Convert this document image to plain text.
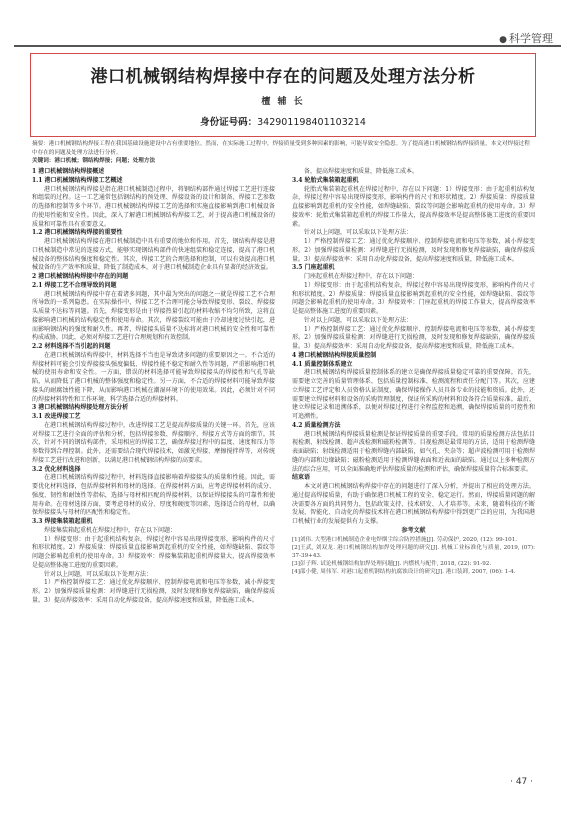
● 科学管理
港口机械钢结构焊接中存在的问题及处理方法分析
檀 辅 长
身份证号码：342901198401103214
摘要：港口机械钢结构焊接工程在我国基础设施建设中占有重要地位。然而，在实际施工过程中，焊接质量受到多种因素的影响，可能导致安全隐患。为了提高港口机械钢结构焊接质量，本文对焊接过程中存在的问题及处理方法进行分析。
关键词：港口机械；钢结构焊接；问题；处理方法

1 港口机械钢结构焊接概述

1.1 港口机械钢结构焊接工艺概述

港口机械钢结构焊接是指在港口机械制造过程中，将钢结构部件通过焊接工艺进行连接和组装的过程。这一工艺通常包括钢结构的预处理、焊接设备的设计和制备、焊接工艺参数的选择和控制等多个环节。港口机械钢结构焊接工艺的选择和实施直接影响到港口机械设备的使用性能和安全性。因此，深入了解港口机械钢结构焊接工艺，对于提高港口机械设备的质量和可靠性具有重要意义。

1.2 港口机械钢结构焊接的重要性

港口机械钢结构焊接在港口机械制造中具有重要的地位和作用。首先，钢结构焊接是港口机械制造中常见的连接方式，能够实现钢结构部件的快速组装和稳定连接，提高了港口机械设备的整体结构强度和稳定性。其次，焊接工艺的合理选择和控制，可以有效提高港口机械设备的生产效率和质量，降低了制造成本，对于港口机械制造企业具有显著的经济效益。

2 港口机械钢结构焊接中存在的问题

2.1 焊接工艺不合理导致的问题

港口机械钢结构焊接中存在着诸多问题，其中最为突出的问题之一就是焊接工艺不合理所导致的一系列隐患。在实际操作中，焊接工艺不合理可能会导致焊接变形、裂纹、焊接接头质量不达标等问题。首先，焊接变形是由于焊接热量引起的材料收缩不均匀所致，这将直接影响港口机械的结构稳定性和使用寿命。其次，焊接裂纹可能由于冷却速度过快引起，进而影响钢结构的强度和耐久性。再者，焊接接头质量不达标将对港口机械的安全性和可靠性构成威胁。因此，必须对焊接工艺进行合理规划和有效控制。

2.2 材料选择不当引起的问题

在港口机械钢结构焊接中，材料选择不当也是导致诸多问题的重要原因之一。不合适的焊接材料可能会引发焊接接头强度偏低、焊接性能不稳定和耐久性等问题，严重影响港口机械的使用寿命和安全性。一方面，错误的材料选择可能导致焊接接头的焊接性和气孔等缺陷，从而降低了港口机械的整体强度和稳定性。另一方面，不合适的焊接材料可能导致焊接接头的耐腐蚀性能下降，从而影响港口机械在潮湿环境下的使用效果。因此，必须针对不同的焊接材料特性和工作环境，科学选择合适的焊接材料。

3 港口机械钢结构焊接处理方法分析

3.1 改进焊接工艺

在港口机械钢结构焊接过程中，改进焊接工艺是提高焊接质量的关键一环。首先，应该对焊接工艺进行全面的评估和分析，包括焊接参数、焊接顺序、焊接方式等方面的细节。其次，针对不同的钢结构部件，采用相应的焊接工艺，确保焊接过程中的温度、速度和压力等参数得到合理控制。此外，还需要结合现代焊接技术，如激光焊接、摩擦搅拌焊等，对传统焊接工艺进行改进和创新，以满足港口机械钢结构焊接的高要求。

3.2 优化材料选择

在港口机械钢结构焊接过程中，材料选择直接影响着焊接接头的质量和性能。因此，需要优化材料选择，包括焊接材料和母材的选择。在焊接材料方面，应考虑焊接材料的成分、强度、韧性和耐蚀性等指标，选择与母材相匹配的焊接材料，以保证焊接接头的可靠性和使用寿命。在母材选择方面，要考虑母材的成分、厚度和硬度等因素，选择适合的母材，以确保焊接接头与母材的匹配性和稳定性。

3.3 焊接集装箱起重机

焊接集装箱起重机在焊接过程中，存在以下问题：

1）焊接变形：由于起重机结构复杂，焊接过程中容易出现焊接变形，影响构件的尺寸和形状精度。2）焊接质量：焊接质量直接影响到起重机的安全性能，如焊缝缺陷、裂纹等问题会影响起重机的使用寿命。3）焊接效率：焊接集装箱起重机焊接量大，提高焊接效率是提高整体施工进度的重要因素。

针对以上问题，可以采取以下处理方法：

1）严格控制焊接工艺：通过优化焊接顺序、控制焊接电流和电压等参数，减小焊接变形。2）加强焊接质量检测：对焊缝进行无损检测，及时发现和修复焊接缺陷，确保焊接质量。3）提高焊接效率：采用自动化焊接设备，提高焊接速度和质量，降低施工成本。

备，提高焊接速度和质量，降低施工成本。

3.4 轮胎式集装箱起重机

轮胎式集装箱起重机在焊接过程中，存在以下问题：1）焊接变形：由于起重机结构复杂，焊接过程中容易出现焊接变形，影响构件的尺寸和形状精度。2）焊接质量：焊接质量直接影响到起重机的安全性能，如焊缝缺陷、裂纹等问题会影响起重机的使用寿命。3）焊接效率：轮胎式集装箱起重机的焊接工作量大，提高焊接效率是提高整体施工进度的重要因素。

针对以上问题，可以采取以下处理方法：

1）严格控制焊接工艺：通过优化焊接顺序、控制焊接电流和电压等参数，减小焊接变形。2）加强焊接质量检测：对焊缝进行无损检测，及时发现和修复焊接缺陷，确保焊接质量。3）提高焊接效率：采用自动化焊接设备，提高焊接速度和质量，降低施工成本。

3.5 门座起重机

门座起重机在焊接过程中，存在以下问题：

1）焊接变形：由于起重机结构复杂，焊接过程中容易出现焊接变形，影响构件的尺寸和形状精度。2）焊接质量：焊接质量直接影响到起重机的安全性能，如焊缝缺陷、裂纹等问题会影响起重机的使用寿命。3）焊接效率：门座起重机的焊接工作量大，提高焊接效率是提高整体施工进度的重要因素。

针对以上问题，可以采取以下处理方法：

1）严格控制焊接工艺：通过优化焊接顺序、控制焊接电流和电压等参数，减小焊接变形。2）加强焊接质量检测：对焊缝进行无损检测，及时发现和修复焊接缺陷，确保焊接质量。3）提高焊接效率：采用自动化焊接设备，提高焊接速度和质量，降低施工成本。

4 港口机械钢结构焊接质量控制

4.1 质量控制体系建立

港口机械钢结构焊接质量控制体系的建立是确保焊接质量稳定可靠的重要保障。首先，需要建立完善的质量管理体系，包括质量控制标准、检测流程和责任分配门等。其次，应建立焊接工艺评定和人员资格认证制度，确保焊接操作人员具备专业的技能和资质。此外，还需要建立焊接材料和设备的采购管理制度，保证所采购的材料和设备符合质量标准。最后，建立焊接记录和追溯体系，以便对焊接过程进行全程监控和追溯，确保焊接质量的可控性和可追溯性。

4.2 质量检测方法

港口机械钢结构焊接质量检测是保证焊接质量的重要手段。常用的质量检测方法包括目视检测、射线检测、超声波检测和磁粉检测等。目视检测是最常用的方法，适用于检测焊缝表面缺陷；射线检测适用于检测焊缝内部缺陷，如气孔、夹杂等；超声波检测可用于检测焊缝的内部和边缘缺陷；磁粉检测适用于检测焊缝表面和近表面的缺陷。通过以上多种检测方法的综合应用，可以全面准确地评估焊接质量的检测和评估，确保焊接质量符合标准要求。

结束语

本文对港口机械钢结构焊接中存在的问题进行了深入分析，并提出了相应的处理方法。通过提高焊接质量，有助于确保港口机械工程的安全、稳定运行。然而，焊接质量问题的解决需要各方面的共同努力，包括政策支持、技术研发、人才培养等。未来，随着科技的不断发展，智能化、自动化的焊接技术将在港口机械钢结构焊接中得到更广泛的应用，为我国港口机械行业的发展提供有力支撑。

参考文献

[1]刘伟. 大型港口机械制造企业电焊烟尘综合防控措施[J]. 劳动保护, 2020, (12): 99-101.

[2]王武, 刘双龙. 港口机械钢结构加焊处理问题的研究[J]. 机械工业标准化与质量, 2019, (07): 37-39+43.

[3]彭子辉. 试论机械钢结构加焊处理问题[J]. 内燃机与配件, 2018, (22): 91-92.

[4]邵小健, 周伟军. 对港口起重机钢结构抗腐蚀设计的研究[J]. 港口装卸, 2007, (06): 1-4.

· 47 ·
